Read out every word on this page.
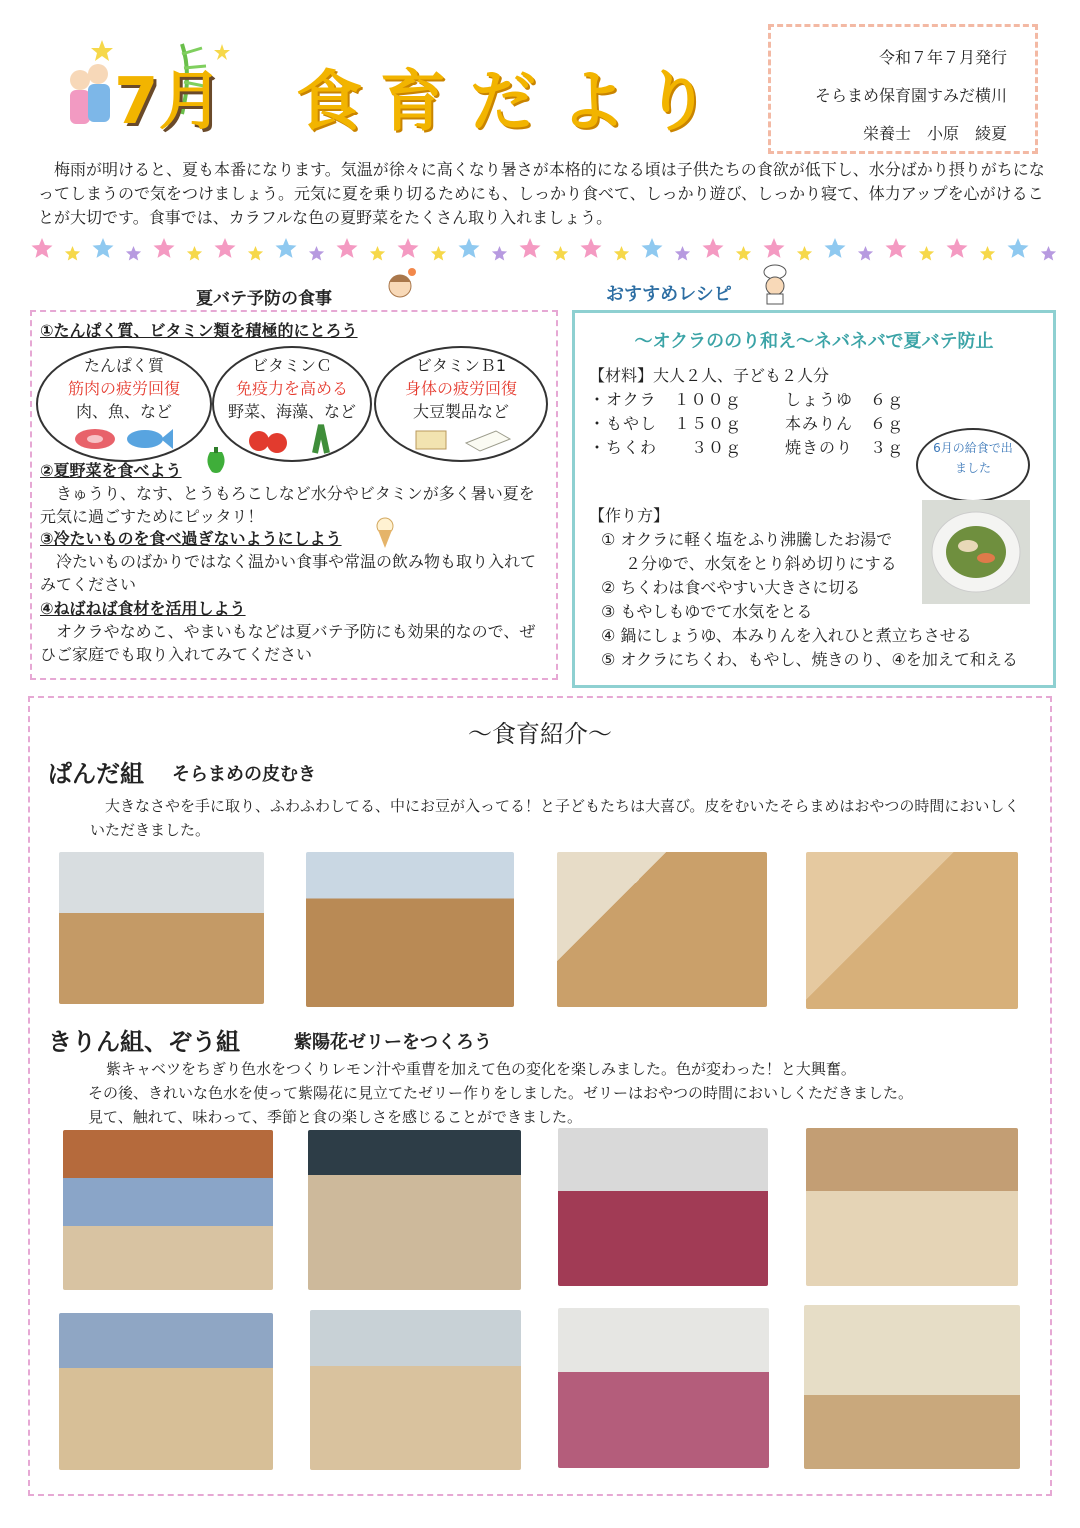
7月 食 育 だ よ り
令和７年７月発行
そらまめ保育園すみだ横川
栄養士　小原　綾夏
梅雨が明けると、夏も本番になります。気温が徐々に高くなり暑さが本格的になる頃は子供たちの食欲が低下し、水分ばかり摂りがちになってしまうので気をつけましょう。元気に夏を乗り切るためにも、しっかり食べて、しっかり遊び、しっかり寝て、体力アップを心がけることが大切です。食事では、カラフルな色の夏野菜をたくさん取り入れましょう。
夏バテ予防の食事
①たんぱく質、ビタミン類を積極的にとろう
たんぱく質
筋肉の疲労回復
肉、魚、など
ビタミンＣ
免疫力を高める
野菜、海藻、など
ビタミンＢ1
身体の疲労回復
大豆製品など
②夏野菜を食べよう
きゅうり、なす、とうもろこしなど水分やビタミンが多く暑い夏を元気に過ごすためにピッタリ！
③冷たいものを食べ過ぎないようにしよう
冷たいものばかりではなく温かい食事や常温の飲み物も取り入れてみてください
④ねばねば食材を活用しよう
オクラやなめこ、やまいもなどは夏バテ予防にも効果的なので、ぜひご家庭でも取り入れてみてください
おすすめレシピ
～オクラののり和え～ネバネバで夏バテ防止
【材料】大人２人、子ども２人分
・オクラ　１００ｇ
・もやし　１５０ｇ
・ちくわ　　３０ｇ
しょうゆ　６ｇ
本みりん　６ｇ
焼きのり　３ｇ
【作り方】
① オクラに軽く塩をふり沸騰したお湯で
２分ゆで、水気をとり斜め切りにする
② ちくわは食べやすい大きさに切る
③ もやしもゆでて水気をとる
④ 鍋にしょうゆ、本みりんを入れひと煮立ちさせる
⑤ オクラにちくわ、もやし、焼きのり、④を加えて和える
6月の給食で出ました
～食育紹介～
ぱんだ組 そらまめの皮むき
大きなさやを手に取り、ふわふわしてる、中にお豆が入ってる！と子どもたちは大喜び。皮をむいたそらまめはおやつの時間においしくいただきました。
きりん組、ぞう組	紫陽花ゼリーをつくろう
紫キャベツをちぎり色水をつくりレモン汁や重曹を加えて色の変化を楽しみました。色が変わった！と大興奮。
その後、きれいな色水を使って紫陽花に見立てたゼリー作りをしました。ゼリーはおやつの時間においしくただきました。
見て、触れて、味わって、季節と食の楽しさを感じることができました。
